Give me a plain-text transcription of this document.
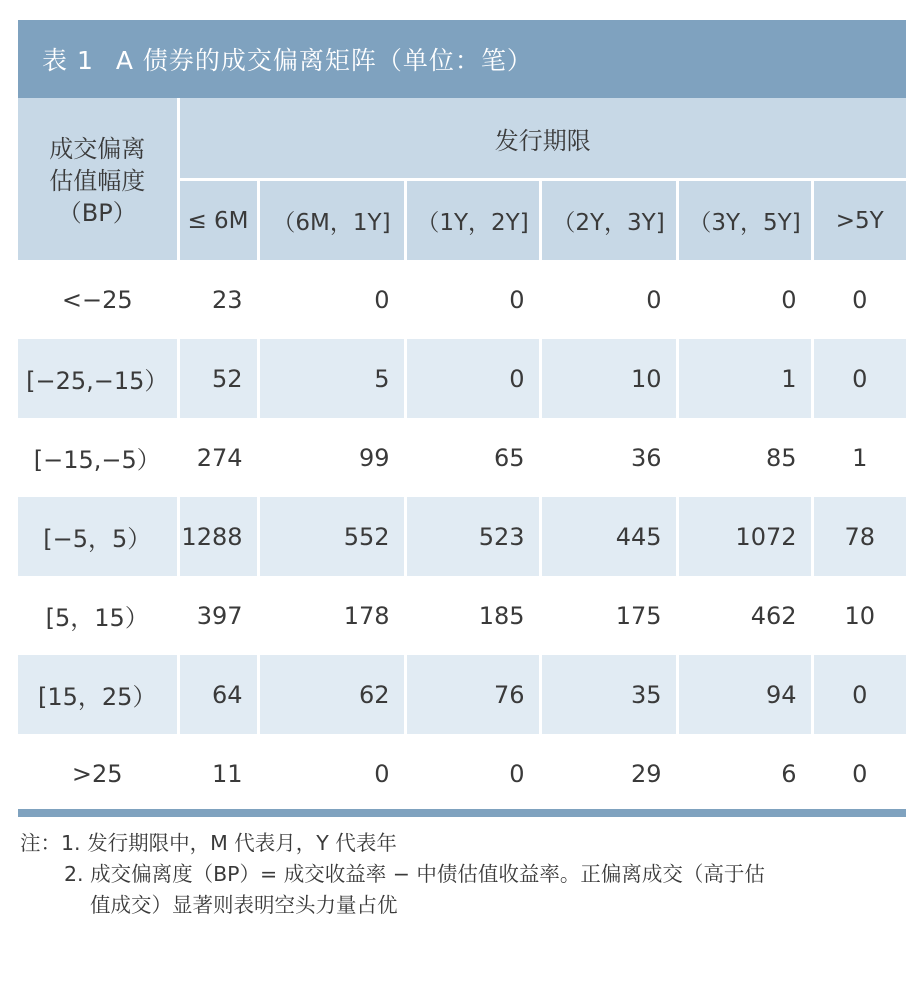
表 1 A 债券的成交偏离矩阵（单位：笔）
成交偏离
估值幅度
（BP）	发行期限					
	≤ 6M	（6M，1Y]	（1Y，2Y]	（2Y，3Y]	（3Y，5Y]	>5Y
<−25	23	0	0	0	0	0
[−25,−15）	52	5	0	10	1	0
[−15,−5）	274	99	65	36	85	1
[−5，5）	1288	552	523	445	1072	78
[5，15）	397	178	185	175	462	10
[15，25）	64	62	76	35	94	0
>25	11	0	0	29	6	0
注： 1. 发行期限中，M 代表月，Y 代表年
2. 成交偏离度（BP）= 成交收益率 − 中债估值收益率。正偏离成交（高于估
值成交）显著则表明空头力量占优
